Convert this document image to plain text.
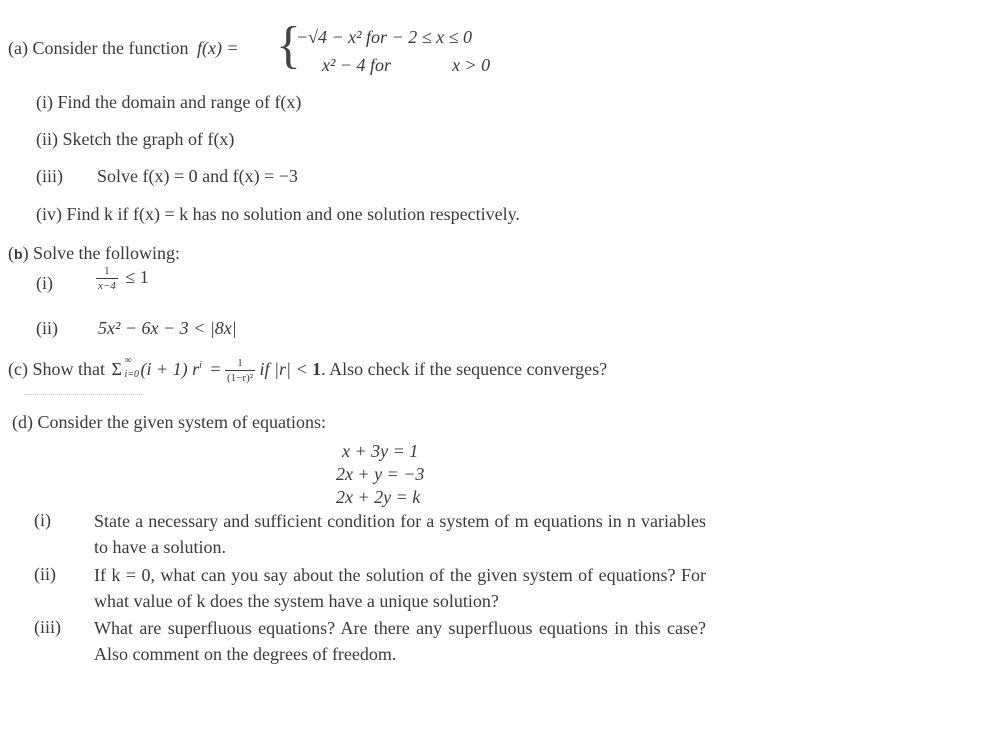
(a) Consider the function f(x) = {
−√4 − x² for − 2 ≤ x ≤ 0
x² − 4 for	x > 0
(i) Find the domain and range of f(x)
(ii) Sketch the graph of f(x)
(iii) Solve f(x) = 0 and f(x) = −3
(iv) Find k if f(x) = k has no solution and one solution respectively.
(b) Solve the following:
(i)	$\frac{1}{x-4} \le 1$
(ii) 5x² − 6x − 3 < |8x|
(c) Show that Σ ∞
i=0 (i + 1) $r^i = \frac{1}{\text{(1−r)²}}$ if |r| < 1. Also check if the sequence converges?
(d) Consider the given system of equations:
x + 3y = 1
2x + y = −3
2x + 2y = k
(i) State a necessary and sufficient condition for a system of m equations in n variables to have a solution.
(ii) If k = 0, what can you say about the solution of the given system of equations? For what value of k does the system have a unique solution?
(iii) What are superfluous equations? Are there any superfluous equations in this case? Also comment on the degrees of freedom.
